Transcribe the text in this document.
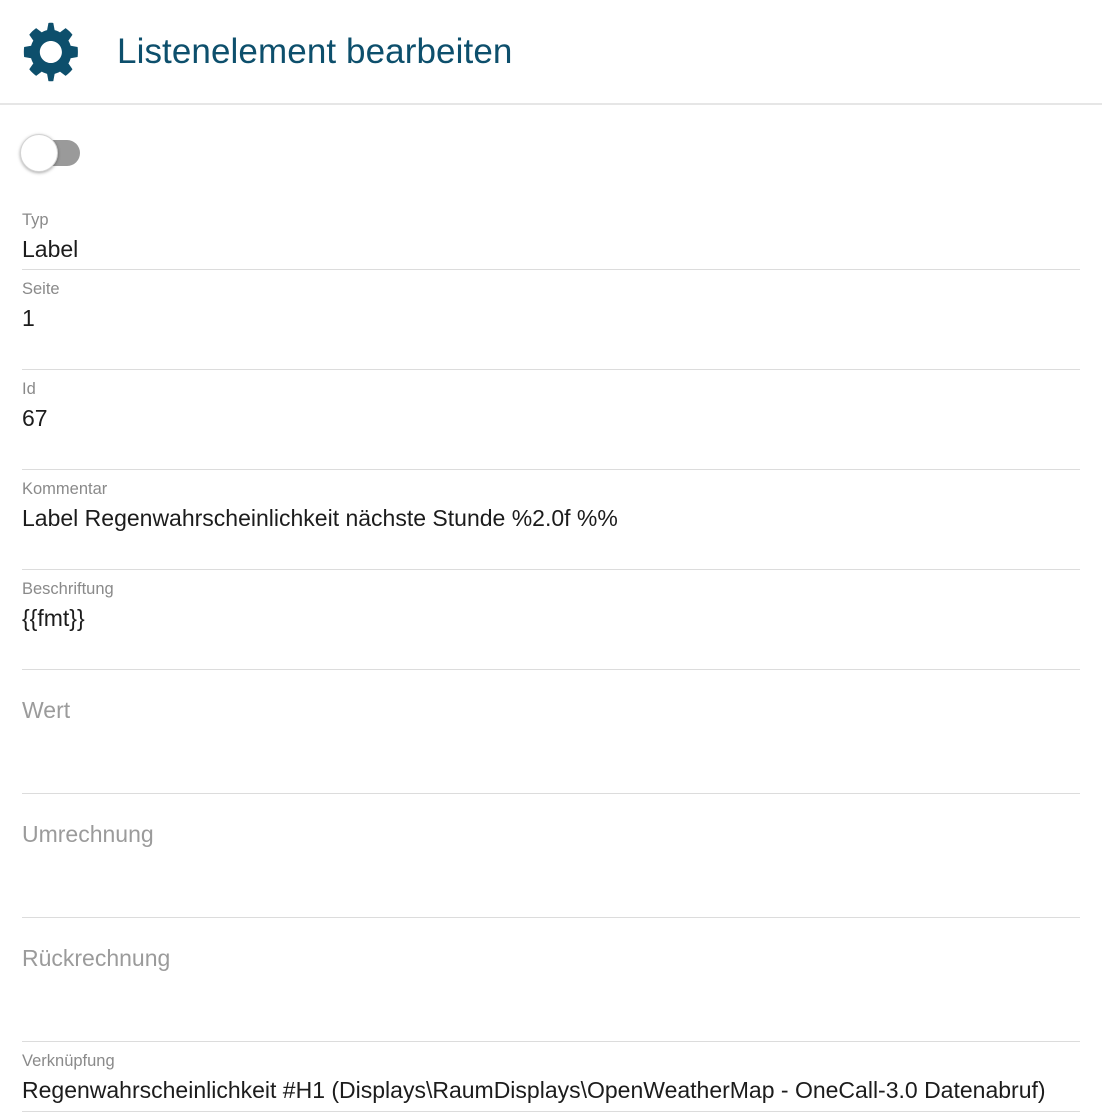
Listenelement bearbeiten
Typ
Label
Seite
1
Id
67
Kommentar
Label Regenwahrscheinlichkeit nächste Stunde %2.0f %%
Beschriftung
{{fmt}}
Wert
Umrechnung
Rückrechnung
Verknüpfung
Regenwahrscheinlichkeit #H1 (Displays\RaumDisplays\OpenWeatherMap - OneCall-3.0 Datenabruf)
